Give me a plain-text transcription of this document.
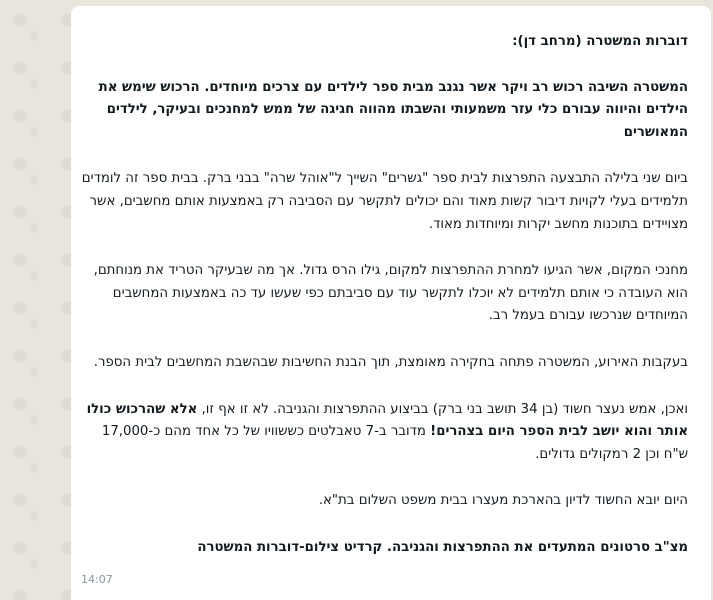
דוברות המשטרה (מרחב דן):

המשטרה השיבה רכוש רב ויקר אשר נגנב מבית ספר לילדים עם צרכים מיוחדים. הרכוש שימש את הילדים והיווה עבורם כלי עזר משמעותי והשבתו מהווה חגיגה של ממש למחנכים ובעיקר, לילדים המאושרים

ביום שני בלילה התבצעה התפרצות לבית ספר "גשרים" השייך ל"אוהל שרה" בבני ברק. בבית ספר זה לומדים תלמידים בעלי לקויות דיבור קשות מאוד והם יכולים לתקשר עם הסביבה רק באמצעות אותם מחשבים, אשר מצויידים בתוכנות מחשב יקרות ומיוחדות מאוד.

מחנכי המקום, אשר הגיעו למחרת ההתפרצות למקום, גילו הרס גדול. אך מה שבעיקר הטריד את מנוחתם, הוא העובדה כי אותם תלמידים לא יוכלו לתקשר עוד עם סביבתם כפי שעשו עד כה באמצעות המחשבים המיוחדים שנרכשו עבורם בעמל רב.

בעקבות האירוע, המשטרה פתחה בחקירה מאומצת, תוך הבנת החשיבות שבהשבת המחשבים לבית הספר.

ואכן, אמש נעצר חשוד (בן 34 תושב בני ברק) בביצוע ההתפרצות והגניבה. לא זו אף זו, אלא שהרכוש כולו אותר והוא יושב לבית הספר היום בצהרים! מדובר ב-7 טאבלטים כששוויו של כל אחד מהם כ-17,000 ש"ח וכן 2 רמקולים גדולים.

היום יובא החשוד לדיון בהארכת מעצרו בבית משפט השלום בת"א.

מצ"ב סרטונים המתעדים את ההתפרצות והגניבה. קרדיט צילום-דוברות המשטרה

14:07
